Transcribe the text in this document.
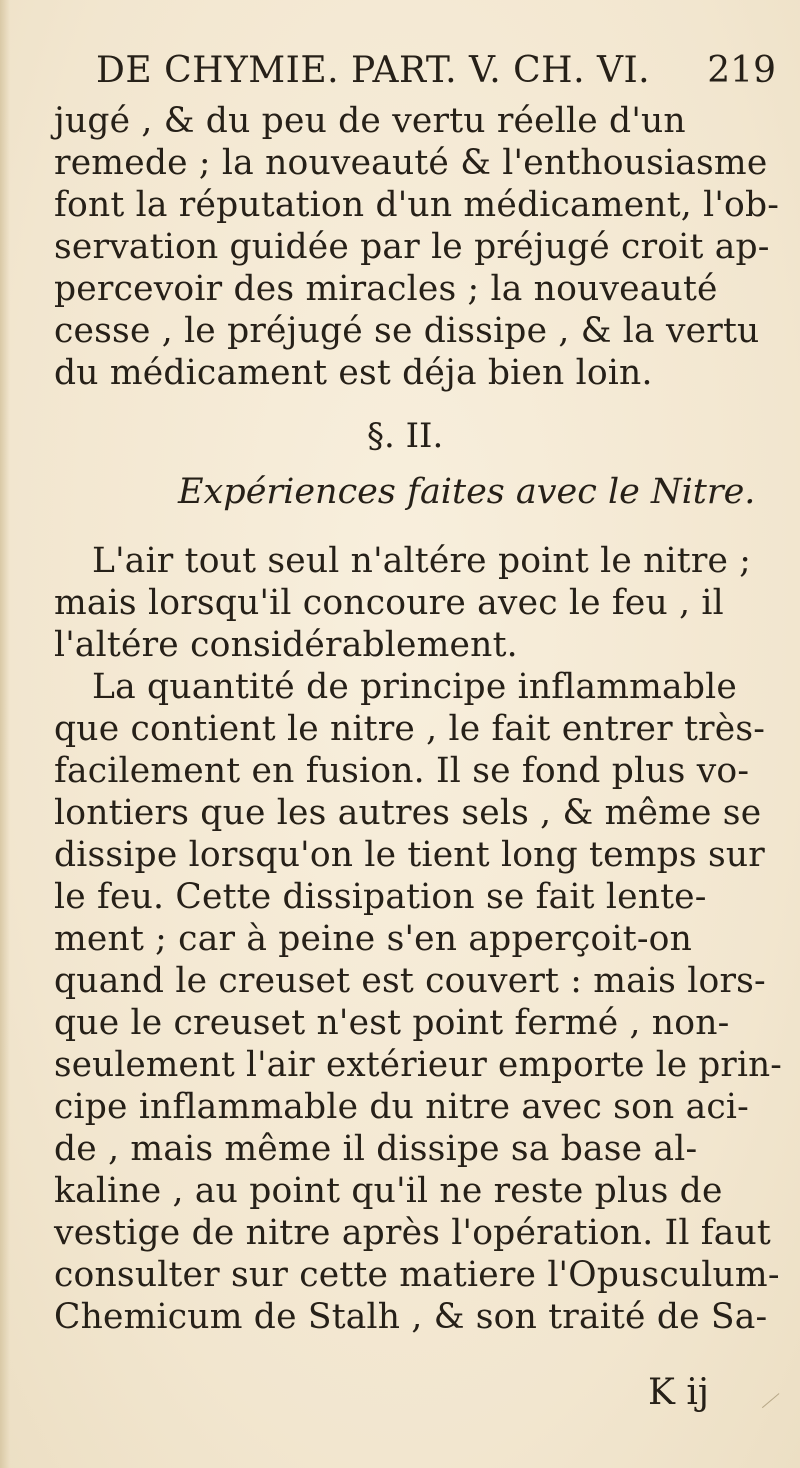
DE CHYMIE. PART. V. CH. VI. 219
jugé , & du peu de vertu réelle d'un
remede ; la nouveauté & l'enthousiasme
font la réputation d'un médicament, l'ob-
servation guidée par le préjugé croit ap-
percevoir des miracles ; la nouveauté
cesse , le préjugé se dissipe , & la vertu
du médicament est déja bien loin.
§. II.
Expériences faites avec le Nitre.
L'air tout seul n'altére point le nitre ;
mais lorsqu'il concoure avec le feu , il
l'altére considérablement.
La quantité de principe inflammable
que contient le nitre , le fait entrer très-
facilement en fusion. Il se fond plus vo-
lontiers que les autres sels , & même se
dissipe lorsqu'on le tient long temps sur
le feu. Cette dissipation se fait lente-
ment ; car à peine s'en apperçoit-on
quand le creuset est couvert : mais lors-
que le creuset n'est point fermé , non-
seulement l'air extérieur emporte le prin-
cipe inflammable du nitre avec son aci-
de , mais même il dissipe sa base al-
kaline , au point qu'il ne reste plus de
vestige de nitre après l'opération. Il faut
consulter sur cette matiere l'Opusculum-
Chemicum de Stalh , & son traité de Sa-
K ij
